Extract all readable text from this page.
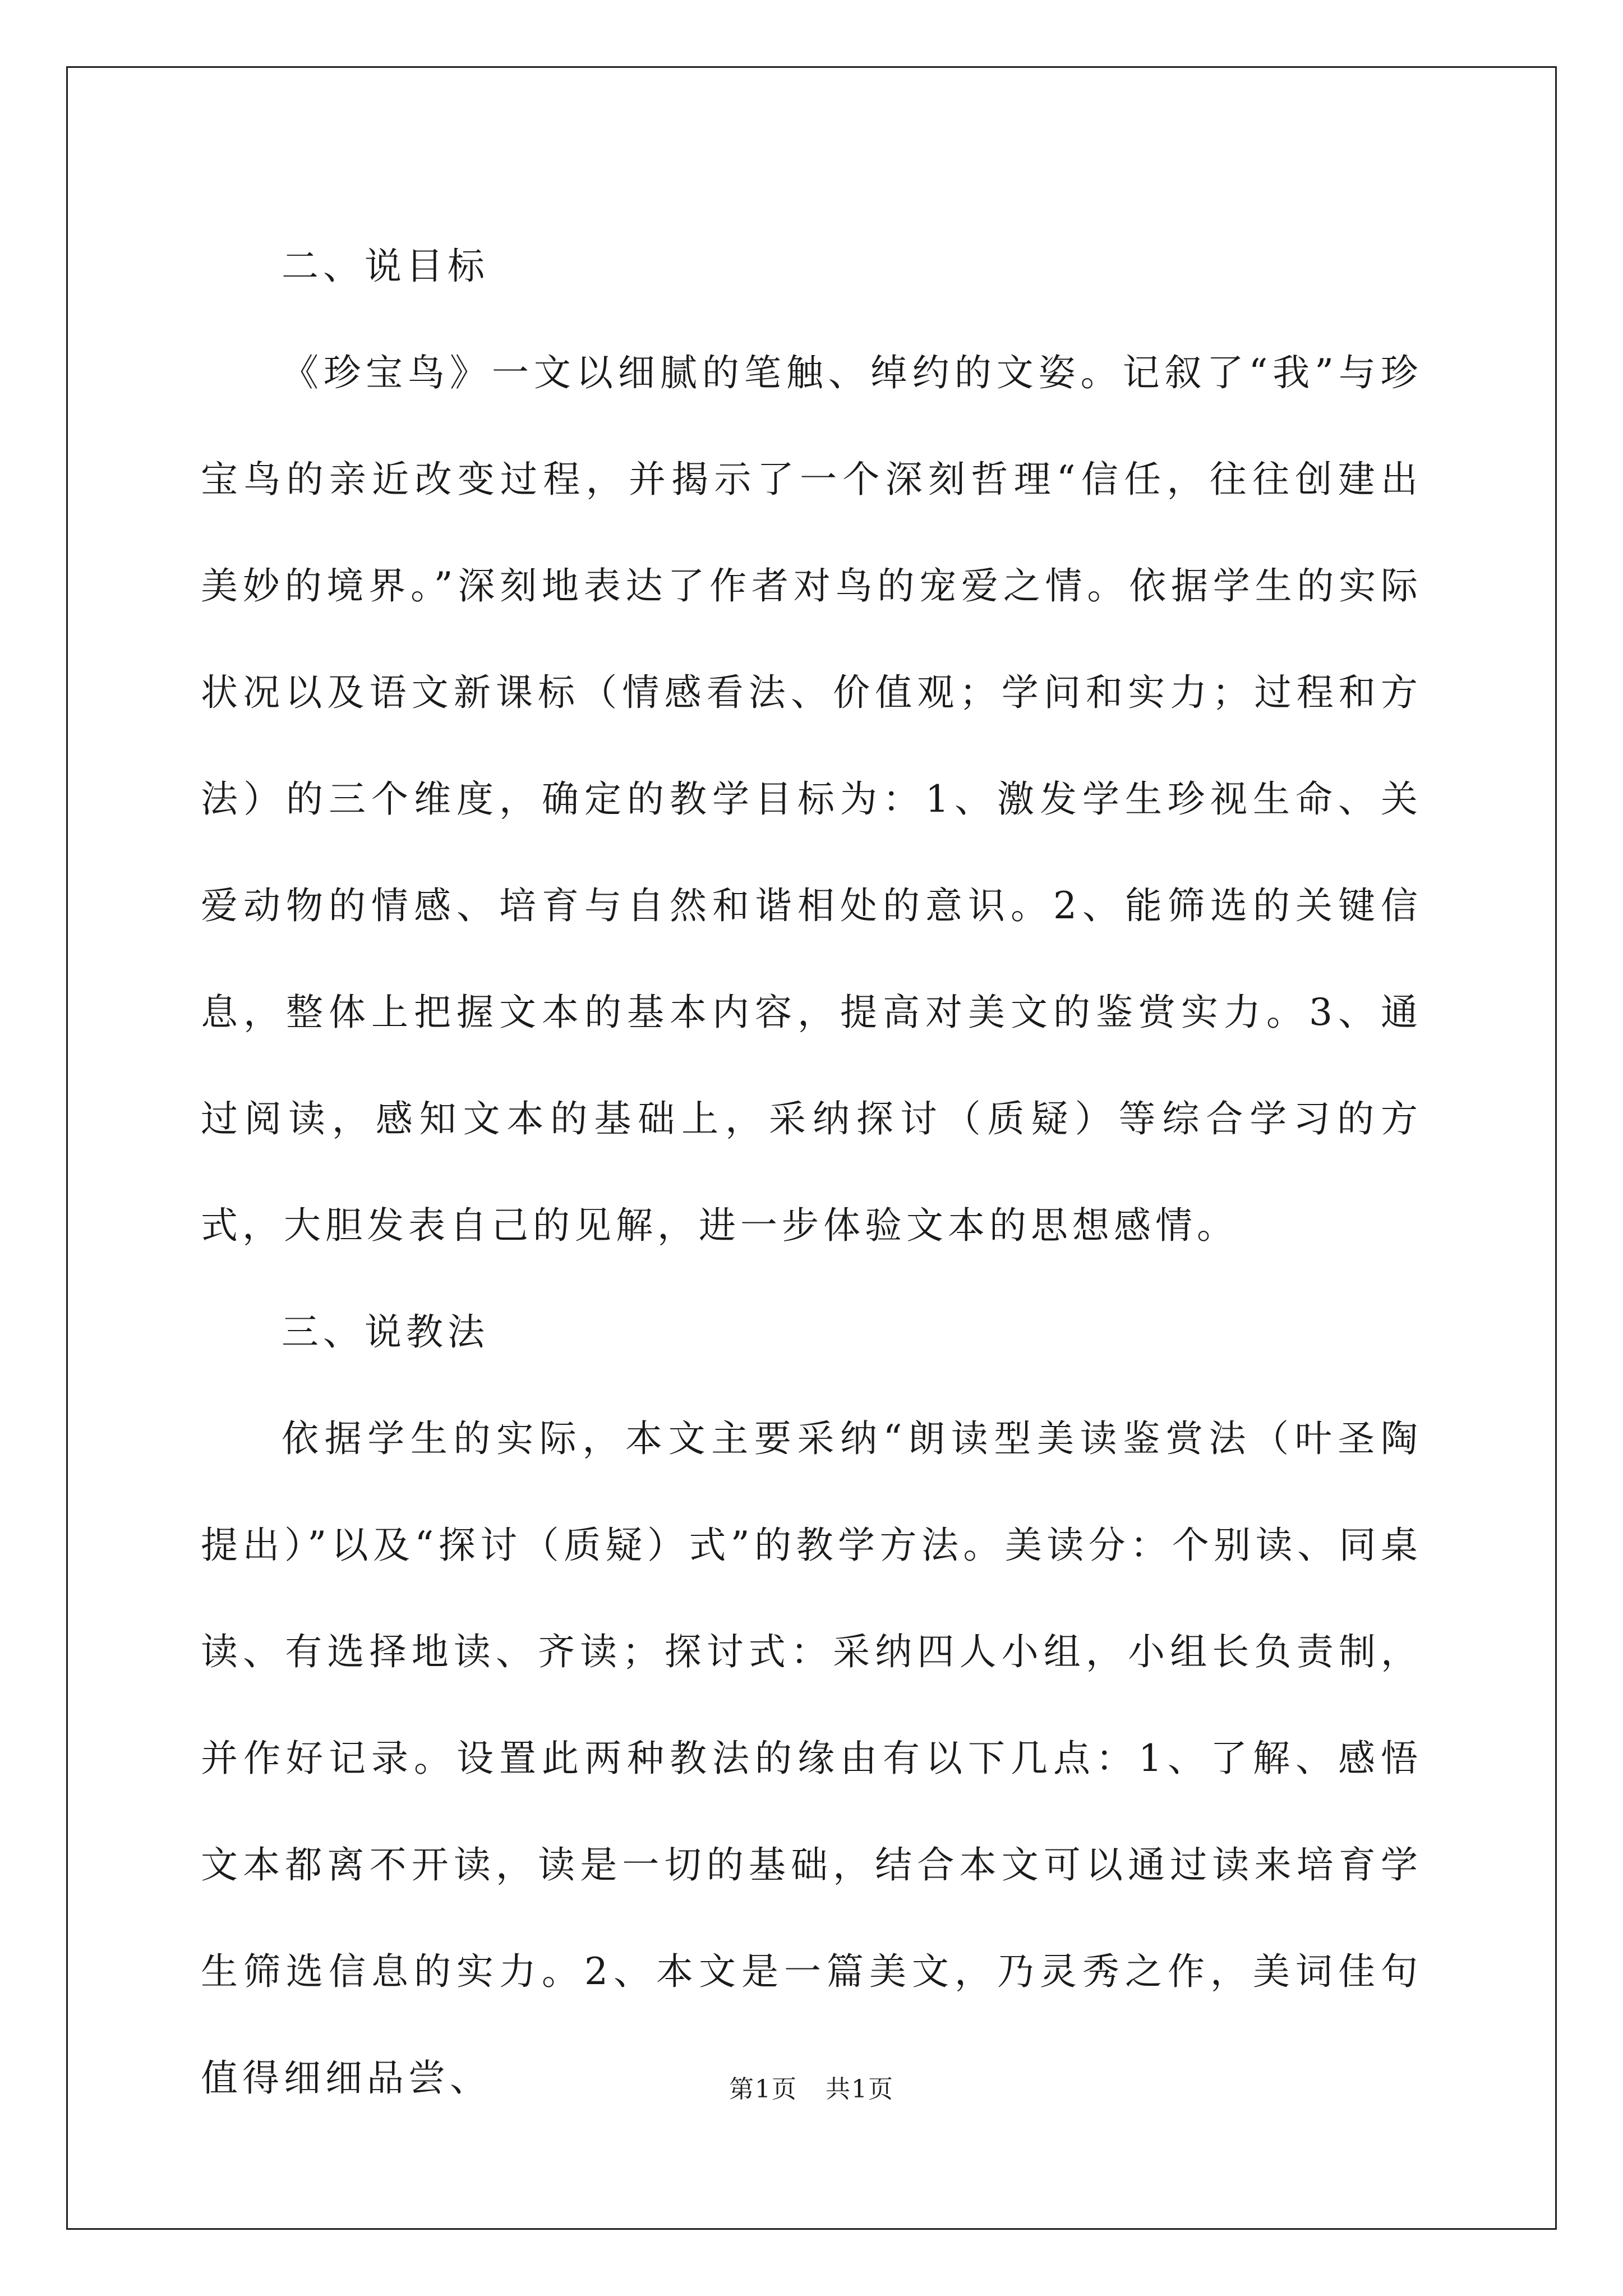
二、说目标

《珍宝鸟》一文以细腻的笔触、绰约的文姿。记叙了“我”与珍宝鸟的亲近改变过程，并揭示了一个深刻哲理“信任，往往创建出美妙的境界。”深刻地表达了作者对鸟的宠爱之情。依据学生的实际状况以及语文新课标（情感看法、价值观；学问和实力；过程和方法）的三个维度，确定的教学目标为：1、激发学生珍视生命、关爱动物的情感、培育与自然和谐相处的意识。2、能筛选的关键信息，整体上把握文本的基本内容，提高对美文的鉴赏实力。3、通过阅读，感知文本的基础上，采纳探讨（质疑）等综合学习的方式，大胆发表自己的见解，进一步体验文本的思想感情。

三、说教法

依据学生的实际，本文主要采纳“朗读型美读鉴赏法（叶圣陶提出）”以及“探讨（质疑）式”的教学方法。美读分：个别读、同桌读、有选择地读、齐读；探讨式：采纳四人小组，小组长负责制，并作好记录。设置此两种教法的缘由有以下几点：1、了解、感悟文本都离不开读，读是一切的基础，结合本文可以通过读来培育学生筛选信息的实力。2、本文是一篇美文，乃灵秀之作，美词佳句值得细细品尝、	第1页 共1页
